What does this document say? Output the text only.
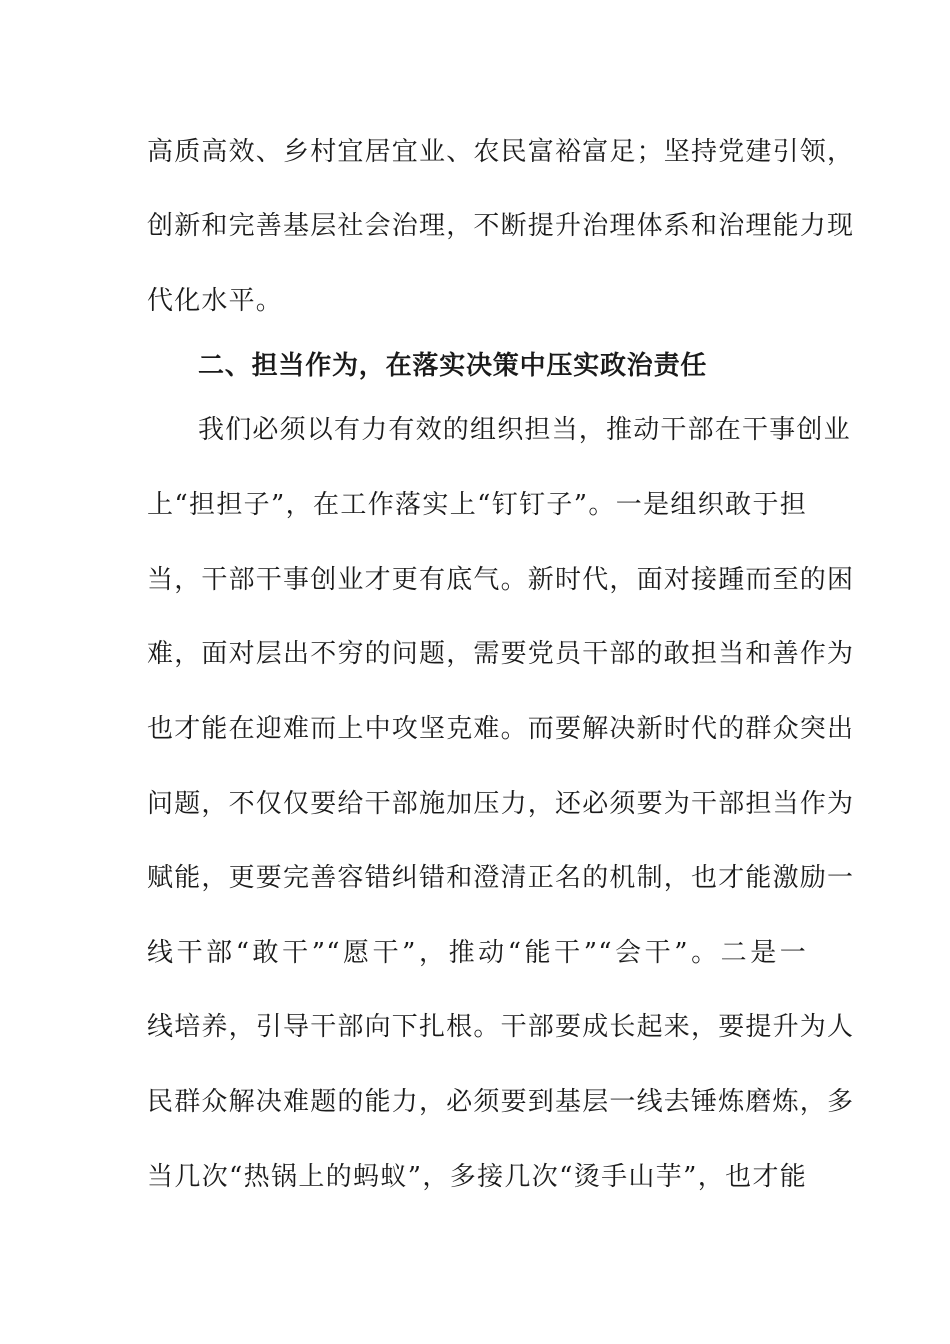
高质高效、乡村宜居宜业、农民富裕富足；坚持党建引领，
创新和完善基层社会治理，不断提升治理体系和治理能力现
代化水平。
二、担当作为，在落实决策中压实政治责任
我们必须以有力有效的组织担当，推动干部在干事创业
上“担担子”，在工作落实上“钉钉子”。一是组织敢于担
当，干部干事创业才更有底气。新时代，面对接踵而至的困
难，面对层出不穷的问题，需要党员干部的敢担当和善作为
也才能在迎难而上中攻坚克难。而要解决新时代的群众突出
问题，不仅仅要给干部施加压力，还必须要为干部担当作为
赋能，更要完善容错纠错和澄清正名的机制，也才能激励一
线干部“敢干”“愿干”，推动“能干”“会干”。二是一
线培养，引导干部向下扎根。干部要成长起来，要提升为人
民群众解决难题的能力，必须要到基层一线去锤炼磨炼，多
当几次“热锅上的蚂蚁”，多接几次“烫手山芋”，也才能
